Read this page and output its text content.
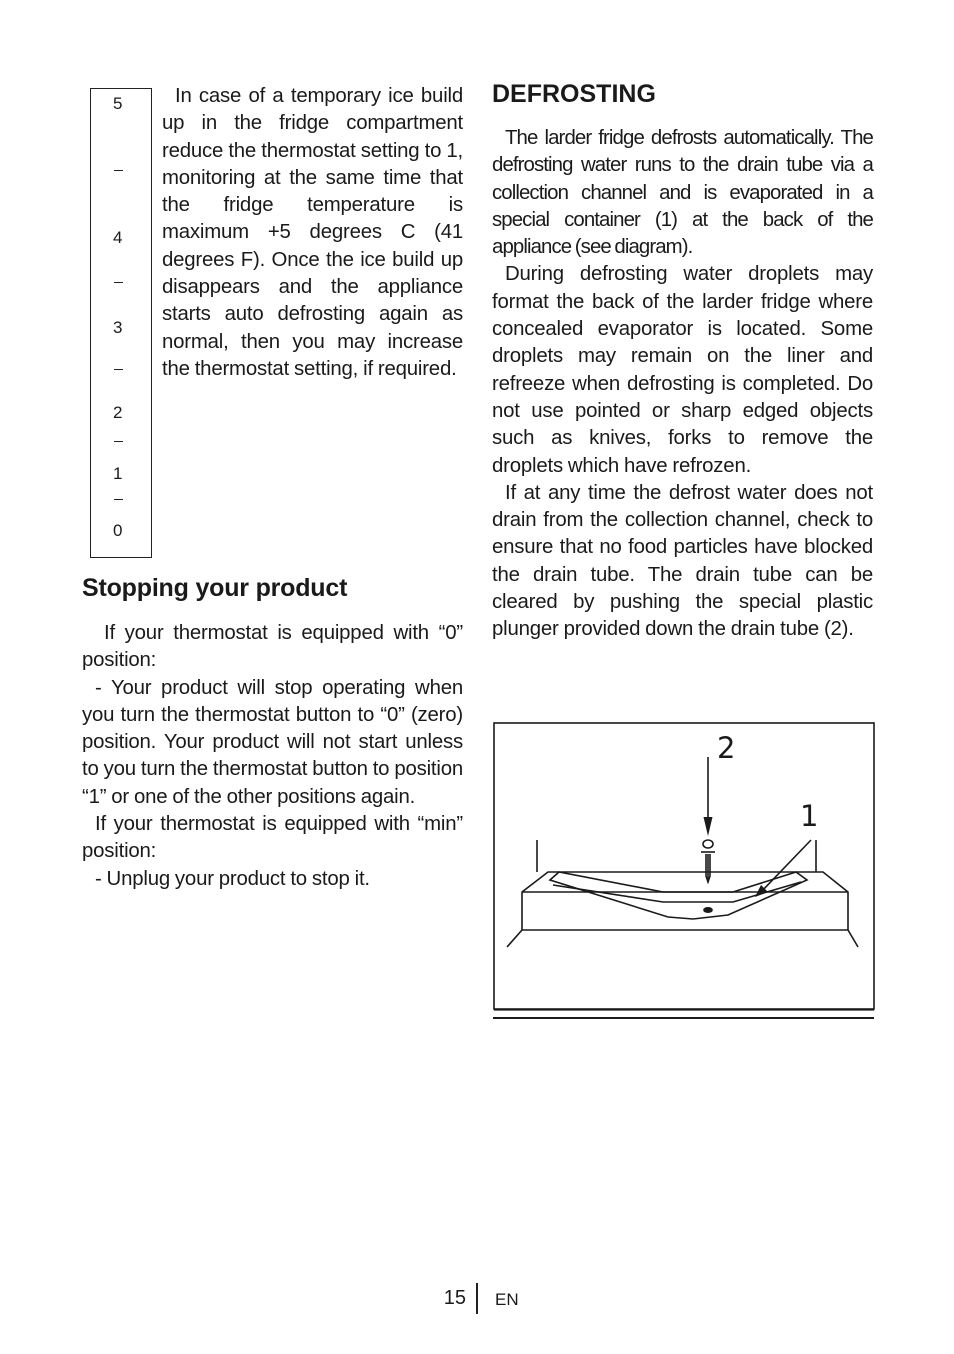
5
4
3
2
1
0

In case of a temporary ice build up in the fridge compartment reduce the thermostat setting to 1, monitoring at the same time that the fridge temperature is maximum +5 degrees C (41 degrees F). Once the ice build up disappears and the appliance starts auto defrosting again as normal, then you may increase the thermostat setting, if required.

Stopping your product

If your thermostat is equipped with “0” position:

- Your product will stop operating when you turn the thermostat button to “0” (zero) position. Your product will not start unless to you turn the thermostat button to position “1” or one of the other positions again.

If your thermostat is equipped with “min” position:

- Unplug your product to stop it.

DEFROSTING

The larder fridge defrosts automatically. The defrosting water runs to the drain tube via a collection channel and is evaporated in a special container (1) at the back of the appliance (see diagram).

During defrosting water droplets may format the back of the larder fridge where concealed evaporator is located. Some droplets may remain on the liner and refreeze when defrosting is completed. Do not use pointed or sharp edged objects such as knives, forks to remove the droplets which have refrozen.

If at any time the defrost water does not drain from the collection channel, check to ensure that no food particles have blocked the drain tube. The drain tube can be cleared by pushing the special plastic plunger provided down the drain tube (2).

2
1
15 EN
